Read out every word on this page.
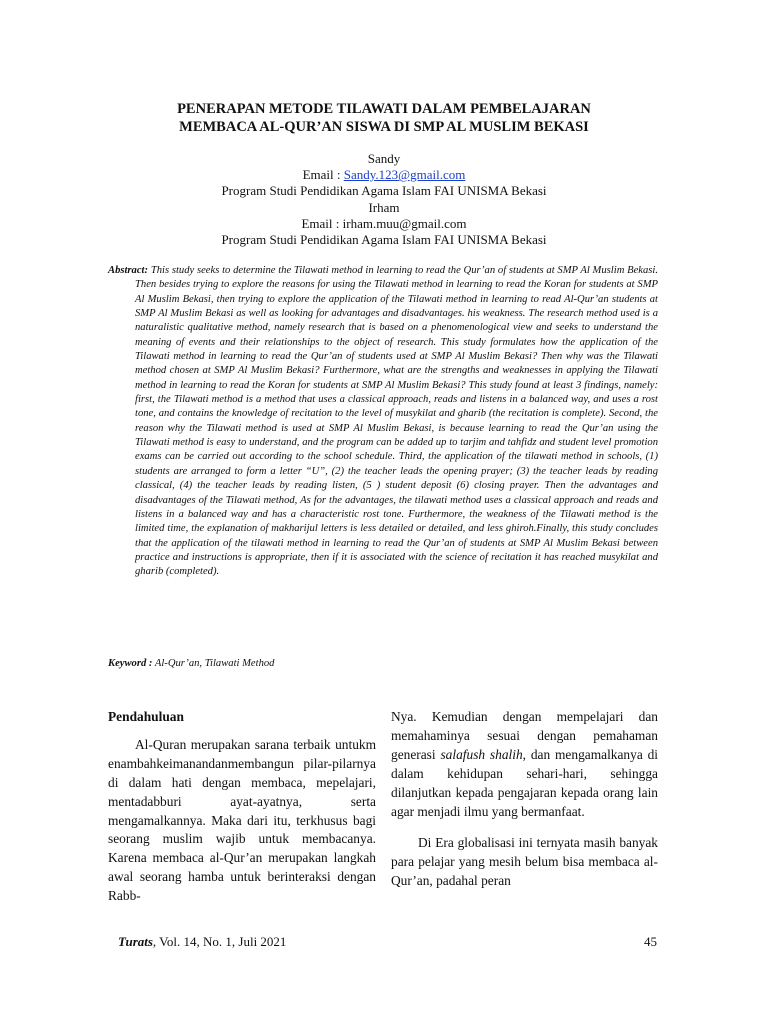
PENERAPAN METODE TILAWATI DALAM PEMBELAJARAN
MEMBACA AL-QUR’AN SISWA DI SMP AL MUSLIM BEKASI
Sandy
Email : Sandy.123@gmail.com
Program Studi Pendidikan Agama Islam FAI UNISMA Bekasi
Irham
Email : irham.muu@gmail.com
Program Studi Pendidikan Agama Islam FAI UNISMA Bekasi

Abstract: This study seeks to determine the Tilawati method in learning to read the Qur’an of students at SMP Al Muslim Bekasi. Then besides trying to explore the reasons for using the Tilawati method in learning to read the Koran for students at SMP Al Muslim Bekasi, then trying to explore the application of the Tilawati method in learning to read Al-Qur’an students at SMP Al Muslim Bekasi as well as looking for advantages and disadvantages. his weakness. The research method used is a naturalistic qualitative method, namely research that is based on a phenomenological view and seeks to understand the meaning of events and their relationships to the object of research. This study formulates how the application of the Tilawati method in learning to read the Qur’an of students used at SMP Al Muslim Bekasi? Then why was the Tilawati method chosen at SMP Al Muslim Bekasi? Furthermore, what are the strengths and weaknesses in applying the Tilawati method in learning to read the Koran for students at SMP Al Muslim Bekasi? This study found at least 3 findings, namely: first, the Tilawati method is a method that uses a classical approach, reads and listens in a balanced way, and uses a rost tone, and contains the knowledge of recitation to the level of musykilat and gharib (the recitation is complete). Second, the reason why the Tilawati method is used at SMP Al Muslim Bekasi, is because learning to read the Qur’an using the Tilawati method is easy to understand, and the program can be added up to tarjim and tahfidz and student level promotion exams can be carried out according to the school schedule. Third, the application of the tilawati method in schools, (1) students are arranged to form a letter “U”, (2) the teacher leads the opening prayer; (3) the teacher leads by reading classical, (4) the teacher leads by reading listen, (5 ) student deposit (6) closing prayer. Then the advantages and disadvantages of the Tilawati method, As for the advantages, the tilawati method uses a classical approach and reads and listens in a balanced way and has a characteristic rost tone. Furthermore, the weakness of the Tilawati method is the limited time, the explanation of makharijul letters is less detailed or detailed, and less ghiroh.Finally, this study concludes that the application of the tilawati method in learning to read the Qur’an of students at SMP Al Muslim Bekasi between practice and instructions is appropriate, then if it is associated with the science of recitation it has reached musykilat and gharib (completed).

Keyword : Al-Qur’an, Tilawati Method
Pendahuluan

Al-Quran merupakan sarana terbaik untukmenambahkeimanandanmembangun pilar-pilarnya di dalam hati dengan membaca, mepelajari, mentadabburi ayat-ayatnya, serta mengamalkannya. Maka dari itu, terkhusus bagi seorang muslim wajib untuk membacanya. Karena membaca al-Qur’an merupakan langkah awal seorang hamba untuk berinteraksi dengan Rabb-

Nya. Kemudian dengan mempelajari dan memahaminya sesuai dengan pemahaman generasi salafush shalih, dan mengamalkanya di dalam kehidupan sehari-hari, sehingga dilanjutkan kepada pengajaran kepada orang lain agar menjadi ilmu yang bermanfaat.

Di Era globalisasi ini ternyata masih banyak para pelajar yang mesih belum bisa membaca al-Qur’an, padahal peran

Turats, Vol. 14, No. 1, Juli 2021	45
